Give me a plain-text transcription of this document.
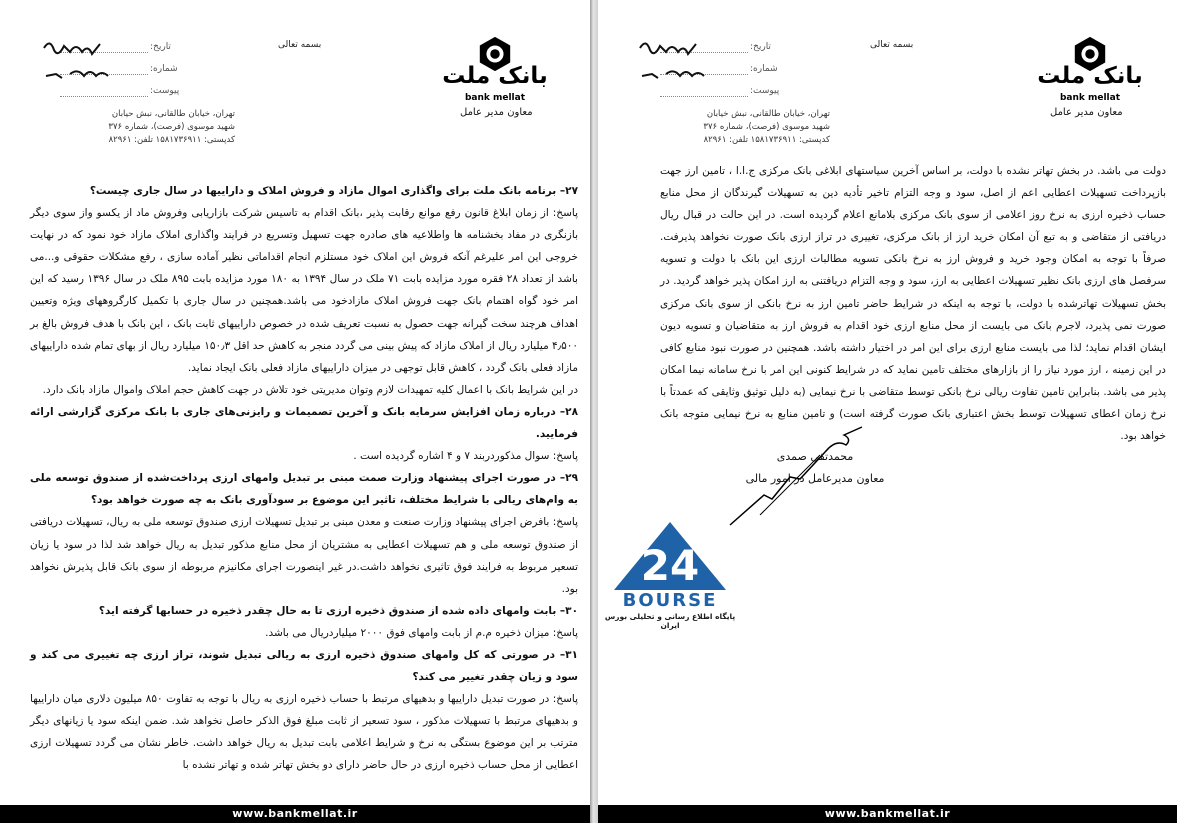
بانک ملت
bank mellat
بسمه تعالی
معاون مدیر عامل
تاریخ:
شماره:
پیوست:
تهران، خیابان طالقانی، نبش حیابان
شهید موسوی (فرصت)، شماره ۳۷۶
کدپستی: ۱۵۸۱۷۳۶۹۱۱ تلفن: ۸۲۹۶۱

۲۷– برنامه بانک ملت برای واگذاری اموال مازاد و فروش املاک و داراییها در سال جاری چیست؟

پاسخ: از زمان ابلاغ قانون رفع موانع رقابت پذیر ،بانک اقدام به تاسیس شرکت بازاریابی وفروش ماد از یکسو واز سوی دیگر بازنگری در مفاد بخشنامه ها واطلاعیه های صادره جهت تسهیل وتسریع در فرایند واگذاری املاک مازاد خود نمود که در نهایت خروجی این امر علیرغم آنکه فروش این املاک خود مستلزم انجام اقداماتی نظیر آماده سازی ، رفع مشکلات حقوقی و...می باشد از تعداد ۲۸ فقره مورد مزایده بابت ۷۱ ملک در سال ۱۳۹۴ به ۱۸۰ مورد مزایده بابت ۸۹۵ ملک در سال ۱۳۹۶ رسید که این امر خود گواه اهتمام بانک جهت فروش املاک مازادخود می باشد.همچنین در سال جاری با تکمیل کارگروههای ویژه وتعیین اهداف هرچند سخت گیرانه جهت حصول به نسبت تعریف شده در خصوص داراییهای ثابت بانک ، این بانک با هدف فروش بالغ بر ۴٫۵۰۰ میلیارد ریال از املاک مازاد که پیش بینی می گردد منجر به کاهش حد اقل ۱۵۰٫۳ میلیارد ریال از بهای تمام شده داراییهای مازاد فعلی بانک گردد ، کاهش قابل توجهی در میزان داراییهای مازاد فعلی بانک ایجاد نماید.

در این شرایط بانک با اعمال کلیه تمهیدات لازم وتوان مدیریتی خود تلاش در جهت کاهش حجم املاک واموال مازاد بانک دارد.

۲۸– درباره زمان افزایش سرمایه بانک و آخرین تصمیمات و رایزنی‌های جاری با بانک مرکزی گزارشی ارائه فرمایید.

پاسخ: سوال مذکوردربند ۷ و ۴ اشاره گردیده است .

۲۹– در صورت اجرای پیشنهاد وزارت صمت مبنی بر تبدیل وامهای ارزی پرداخت‌شده از صندوق توسعه ملی به وام‌های ریالی با شرایط مختلف، تاثیر این موضوع بر سودآوری بانک به چه صورت خواهد بود؟

پاسخ: بافرض اجرای پیشنهاد وزارت صنعت و معدن مبنی بر تبدیل تسهیلات ارزی صندوق توسعه ملی به ریال، تسهیلات دریافتی از صندوق توسعه ملی و هم تسهیلات اعطایی به مشتریان از محل منابع مذکور تبدیل به ریال خواهد شد لذا در سود یا زیان تسعیر مربوط به فرایند فوق تاثیری نخواهد داشت.در غیر اینصورت اجرای مکانیزم مربوطه از سوی بانک قابل پذیرش نخواهد بود.

۳۰– بابت وامهای داده شده از صندوق ذخیره ارزی تا به حال چقدر ذخیره در حسابها گرفته اید؟

پاسخ: میزان ذخیره م.م از بابت وامهای فوق ۲۰۰۰ میلیاردریال می باشد.

۳۱– در صورتی که کل وامهای صندوق ذخیره ارزی به ریالی تبدیل شوند، تراز ارزی چه تغییری می کند و سود و زیان چقدر تغییر می کند؟

پاسخ: در صورت تبدیل داراییها و بدهیهای مرتبط با حساب ذخیره ارزی به ریال با توجه به تفاوت ۸۵۰ میلیون دلاری میان داراییها و بدهیهای مرتبط با تسهیلات مذکور ، سود تسعیر از ثابت مبلغ فوق الذکر حاصل نخواهد شد. ضمن اینکه سود یا زیانهای دیگر مترتب بر این موضوع بستگی به نرخ و شرایط اعلامی بابت تبدیل به ریال خواهد داشت. خاطر نشان می گردد تسهیلات ارزی اعطایی از محل حساب ذخیره ارزی در حال حاضر دارای دو بخش تهاتر شده و تهاتر نشده با

www.bankmellat.ir
بانک ملت
bank mellat
بسمه تعالی
معاون مدیر عامل
تاریخ:
شماره:
پیوست:
تهران، خیابان طالقانی، نبش خیابان
شهید موسوی (فرصت)، شماره ۳۷۶
کدپستی: ۱۵۸۱۷۳۶۹۱۱ تلفن: ۸۲۹۶۱

دولت می باشد. در بخش تهاتر نشده با دولت، بر اساس آخرین سیاستهای ابلاغی بانک مرکزی ج.ا.ا ، تامین ارز جهت بازپرداخت تسهیلات اعطایی اعم از اصل، سود و وجه التزام تاخیر تأدیه دین به تسهیلات گیرندگان از محل منابع حساب ذخیره ارزی به نرخ روز اعلامی از سوی بانک مرکزی بلامانع اعلام گردیده است. در این حالت در قبال ریال دریافتی از متقاضی و به تبع آن امکان خرید ارز از بانک مرکزی، تغییری در تراز ارزی بانک صورت نخواهد پذیرفت. صرفاً با توجه به امکان وجود خرید و فروش ارز به نرخ بانکی تسویه مطالبات ارزی این بانک با دولت و تسویه سرفصل های ارزی بانک نظیر تسهیلات اعطایی به ارز، سود و وجه التزام دریافتنی به ارز امکان پذیر خواهد گردید. در بخش تسهیلات تهاترشده با دولت، با توجه به اینکه در شرایط حاضر تامین ارز به نرخ بانکی از سوی بانک مرکزی صورت نمی پذیرد، لاجرم بانک می بایست از محل منابع ارزی خود اقدام به فروش ارز به متقاضیان و تسویه دیون ایشان اقدام نماید؛ لذا می بایست منابع ارزی برای این امر در اختیار داشته باشد. همچنین در صورت نبود منابع کافی در این زمینه ، ارز مورد نیاز را از بازارهای مختلف تامین نماید که در شرایط کنونی این امر با نرخ سامانه نیما امکان پذیر می باشد. بنابراین تامین تفاوت ریالی نرخ بانکی توسط متقاضی با نرخ نیمایی (به دلیل توثیق وثایقی که عمدتاً با نرخ زمان اعطای تسهیلات توسط بخش اعتباری بانک صورت گرفته است) و تامین منابع به نرخ نیمایی متوجه بانک خواهد بود.

محمدتقی صمدی
معاون مدیرعامل در امور مالی
www.bankmellat.ir
24
BOURSE
پایگاه اطلاع رسانی و تحلیلی بورس ایران
